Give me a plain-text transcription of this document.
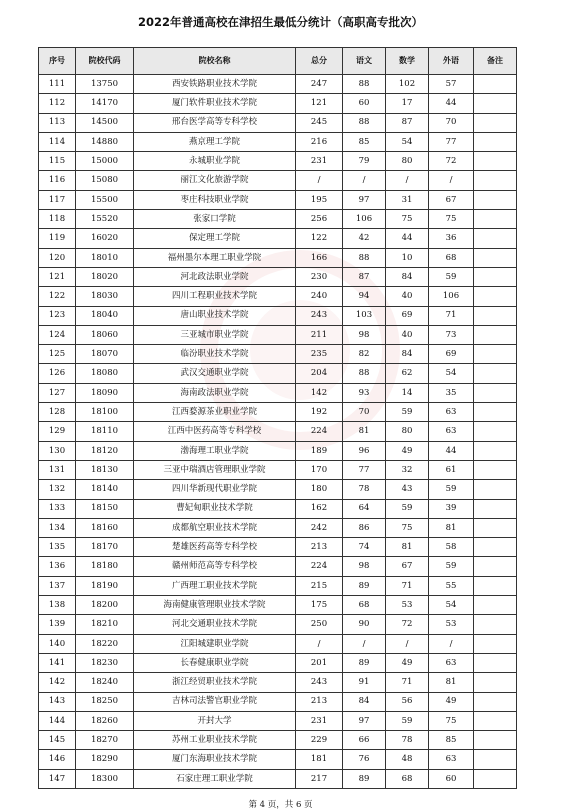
2022年普通高校在津招生最低分统计（高职高专批次）
序号	院校代码	院校名称	总分	语文	数学	外语	备注
111	13750	西安铁路职业技术学院	247	88	102	57	
112	14170	厦门软件职业技术学院	121	60	17	44	
113	14500	邢台医学高等专科学校	245	88	87	70	
114	14880	燕京理工学院	216	85	54	77	
115	15000	永城职业学院	231	79	80	72	
116	15080	丽江文化旅游学院	/	/	/	/	
117	15500	枣庄科技职业学院	195	97	31	67	
118	15520	张家口学院	256	106	75	75	
119	16020	保定理工学院	122	42	44	36	
120	18010	福州墨尔本理工职业学院	166	88	10	68	
121	18020	河北政法职业学院	230	87	84	59	
122	18030	四川工程职业技术学院	240	94	40	106	
123	18040	唐山职业技术学院	243	103	69	71	
124	18060	三亚城市职业学院	211	98	40	73	
125	18070	临汾职业技术学院	235	82	84	69	
126	18080	武汉交通职业学院	204	88	62	54	
127	18090	海南政法职业学院	142	93	14	35	
128	18100	江西婺源茶业职业学院	192	70	59	63	
129	18110	江西中医药高等专科学校	224	81	80	63	
130	18120	渤海理工职业学院	189	96	49	44	
131	18130	三亚中瑞酒店管理职业学院	170	77	32	61	
132	18140	四川华新现代职业学院	180	78	43	59	
133	18150	曹妃甸职业技术学院	162	64	59	39	
134	18160	成都航空职业技术学院	242	86	75	81	
135	18170	楚雄医药高等专科学校	213	74	81	58	
136	18180	赣州师范高等专科学校	224	98	67	59	
137	18190	广西理工职业技术学院	215	89	71	55	
138	18200	海南健康管理职业技术学院	175	68	53	54	
139	18210	河北交通职业技术学院	250	90	72	53	
140	18220	江阳城建职业学院	/	/	/	/	
141	18230	长春健康职业学院	201	89	49	63	
142	18240	浙江经贸职业技术学院	243	91	71	81	
143	18250	吉林司法警官职业学院	213	84	56	49	
144	18260	开封大学	231	97	59	75	
145	18270	苏州工业职业技术学院	229	66	78	85	
146	18290	厦门东海职业技术学院	181	76	48	63	
147	18300	石家庄理工职业学院	217	89	68	60	
第 4 页，共 6 页
